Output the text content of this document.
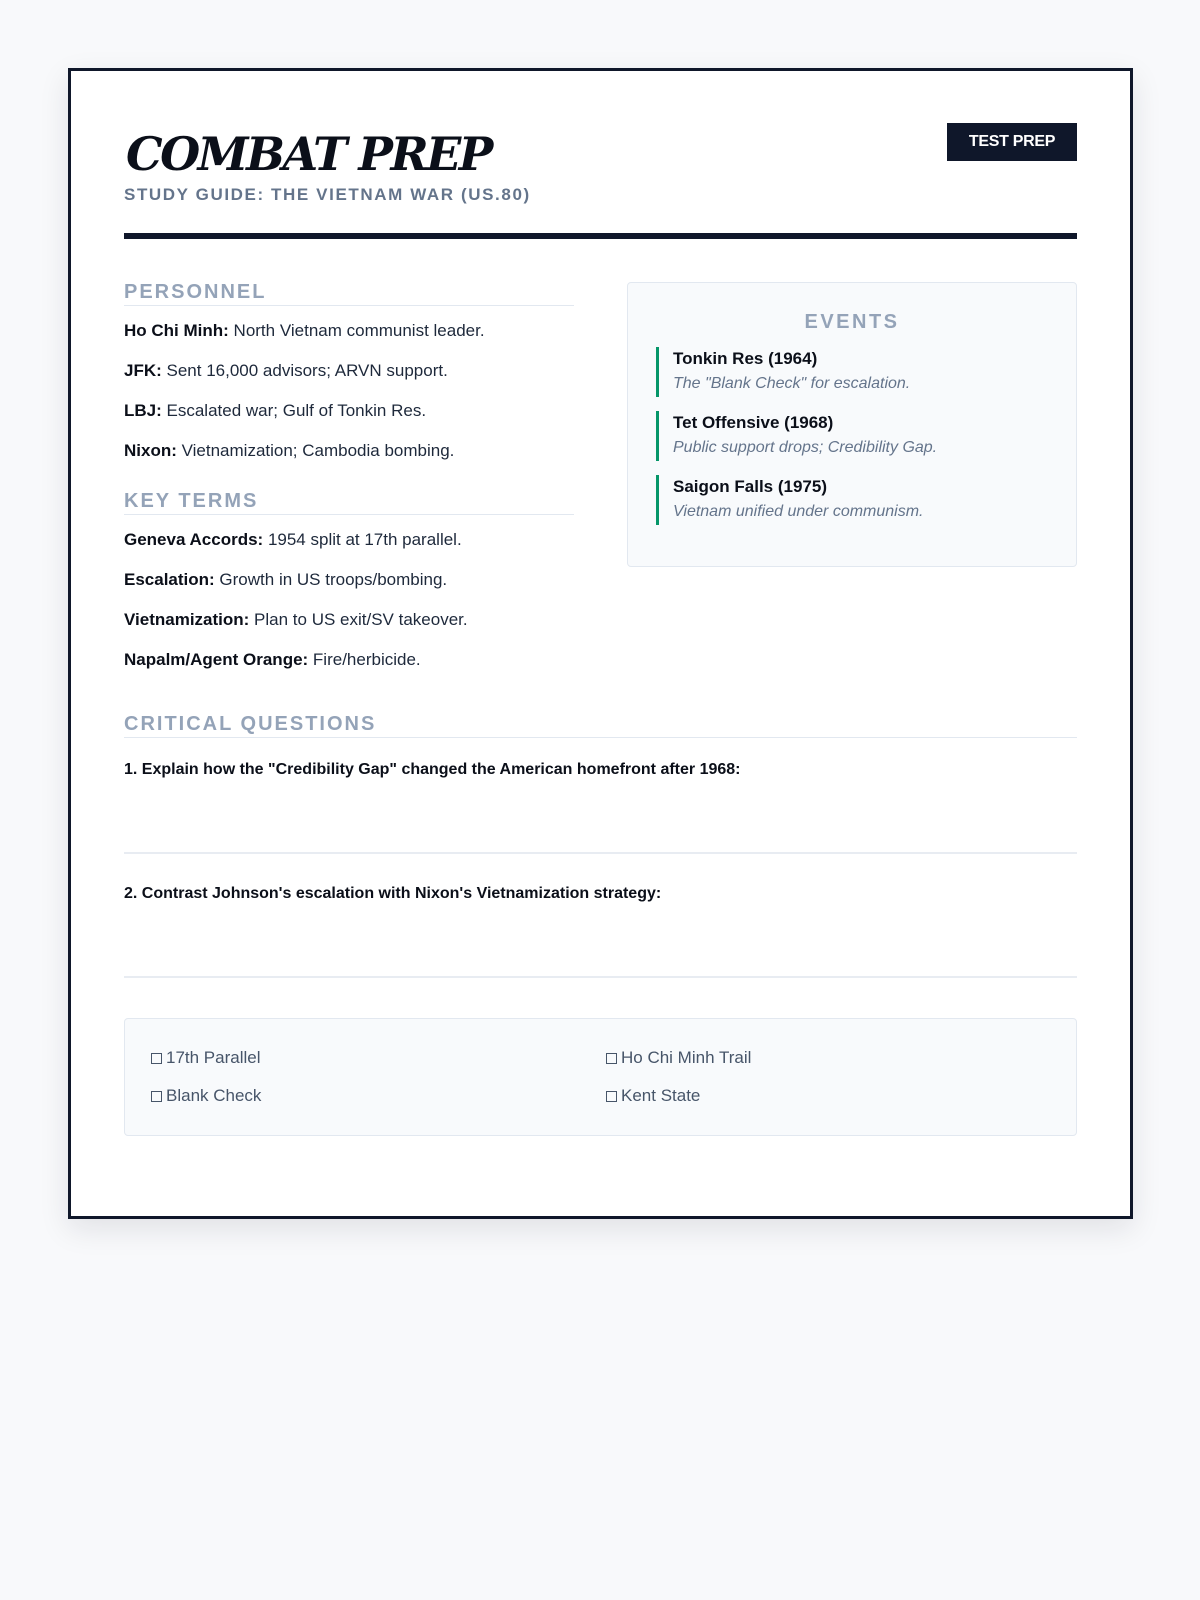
COMBAT PREP
STUDY GUIDE: THE VIETNAM WAR (US.80)
TEST PREP
PERSONNEL
Ho Chi Minh: North Vietnam communist leader.
JFK: Sent 16,000 advisors; ARVN support.
LBJ: Escalated war; Gulf of Tonkin Res.
Nixon: Vietnamization; Cambodia bombing.
KEY TERMS
Geneva Accords: 1954 split at 17th parallel.
Escalation: Growth in US troops/bombing.
Vietnamization: Plan to US exit/SV takeover.
Napalm/Agent Orange: Fire/herbicide.
EVENTS
Tonkin Res (1964)
The "Blank Check" for escalation.
Tet Offensive (1968)
Public support drops; Credibility Gap.
Saigon Falls (1975)
Vietnam unified under communism.
CRITICAL QUESTIONS
1. Explain how the "Credibility Gap" changed the American homefront after 1968:
2. Contrast Johnson's escalation with Nixon's Vietnamization strategy:
17th Parallel	Ho Chi Minh Trail
Blank Check	Kent State
